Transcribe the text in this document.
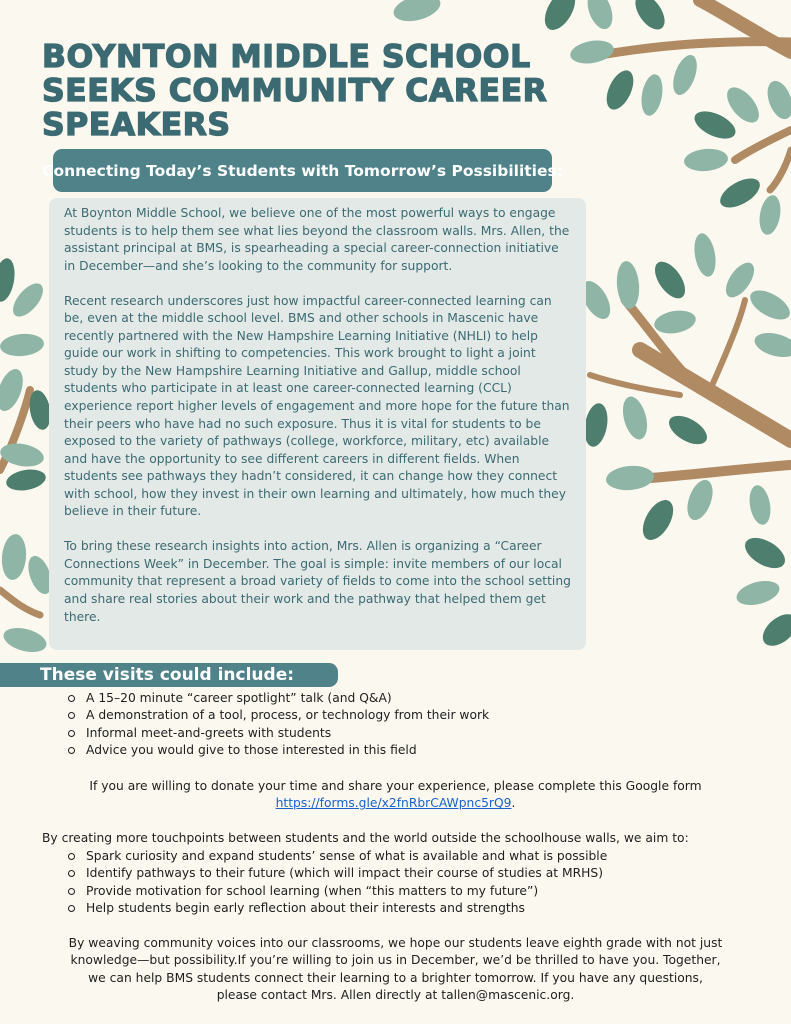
BOYNTON MIDDLE SCHOOL
SEEKS COMMUNITY CAREER
SPEAKERS
Connecting Today’s Students with Tomorrow’s Possibilities:

At Boynton Middle School, we believe one of the most powerful ways to engage students is to help them see what lies beyond the classroom walls. Mrs. Allen, the assistant principal at BMS, is spearheading a special career-connection initiative in December—and she’s looking to the community for support.

Recent research underscores just how impactful career-connected learning can be, even at the middle school level. BMS and other schools in Mascenic have recently partnered with the New Hampshire Learning Initiative (NHLI) to help guide our work in shifting to competencies. This work brought to light a joint study by the New Hampshire Learning Initiative and Gallup, middle school students who participate in at least one career-connected learning (CCL) experience report higher levels of engagement and more hope for the future than their peers who have had no such exposure. Thus it is vital for students to be exposed to the variety of pathways (college, workforce, military, etc) available and have the opportunity to see different careers in different fields. When students see pathways they hadn’t considered, it can change how they connect with school, how they invest in their own learning and ultimately, how much they believe in their future.

To bring these research insights into action, Mrs. Allen is organizing a “Career Connections Week” in December. The goal is simple: invite members of our local community that represent a broad variety of fields to come into the school setting and share real stories about their work and the pathway that helped them get there.

These visits could include:
A 15–20 minute “career spotlight” talk (and Q&A)
A demonstration of a tool, process, or technology from their work
Informal meet-and-greets with students
Advice you would give to those interested in this field
If you are willing to donate your time and share your experience, please complete this Google form
https://forms.gle/x2fnRbrCAWpnc5rQ9.
By creating more touchpoints between students and the world outside the schoolhouse walls, we aim to:
Spark curiosity and expand students’ sense of what is available and what is possible
Identify pathways to their future (which will impact their course of studies at MRHS)
Provide motivation for school learning (when “this matters to my future”)
Help students begin early reflection about their interests and strengths
By weaving community voices into our classrooms, we hope our students leave eighth grade with not just
knowledge—but possibility.If you’re willing to join us in December, we’d be thrilled to have you. Together,
we can help BMS students connect their learning to a brighter tomorrow. If you have any questions,
please contact Mrs. Allen directly at tallen@mascenic.org.
